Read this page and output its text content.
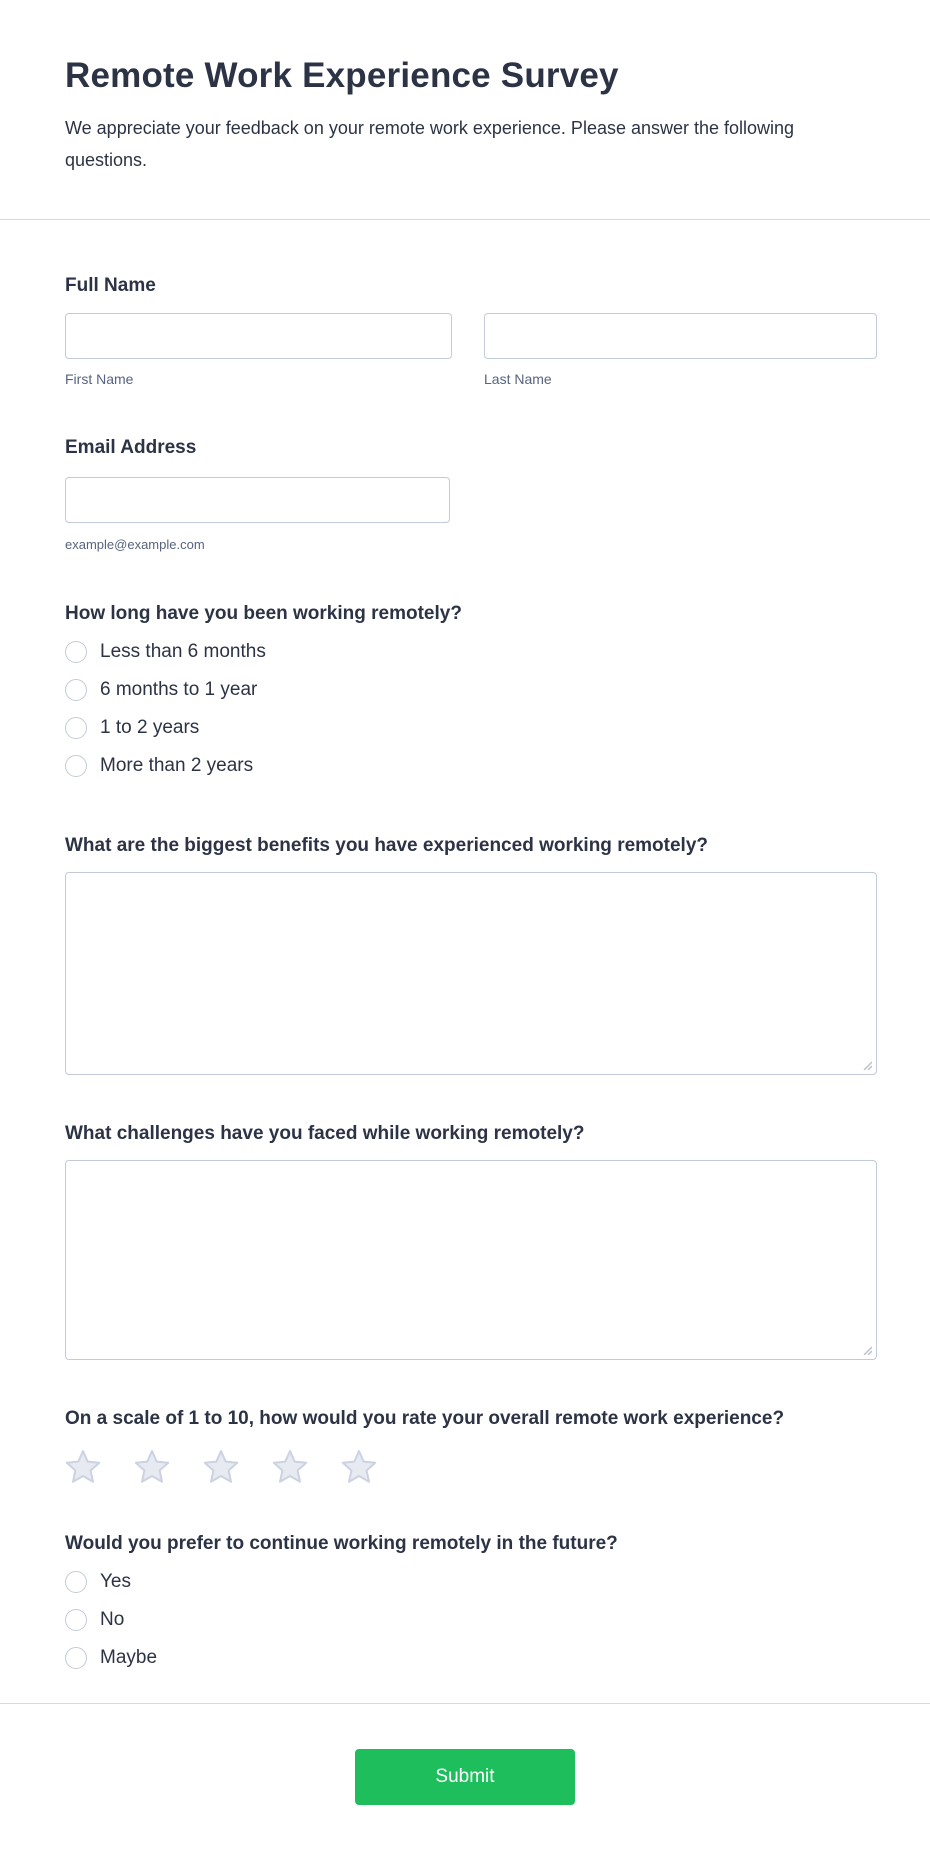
Remote Work Experience Survey
We appreciate your feedback on your remote work experience. Please answer the following questions.
Full Name
First Name	Last Name
Email Address
example@example.com
How long have you been working remotely?
Less than 6 months
6 months to 1 year
1 to 2 years
More than 2 years
What are the biggest benefits you have experienced working remotely?
What challenges have you faced while working remotely?
On a scale of 1 to 10, how would you rate your overall remote work experience?
Would you prefer to continue working remotely in the future?
Yes
No
Maybe
Submit
